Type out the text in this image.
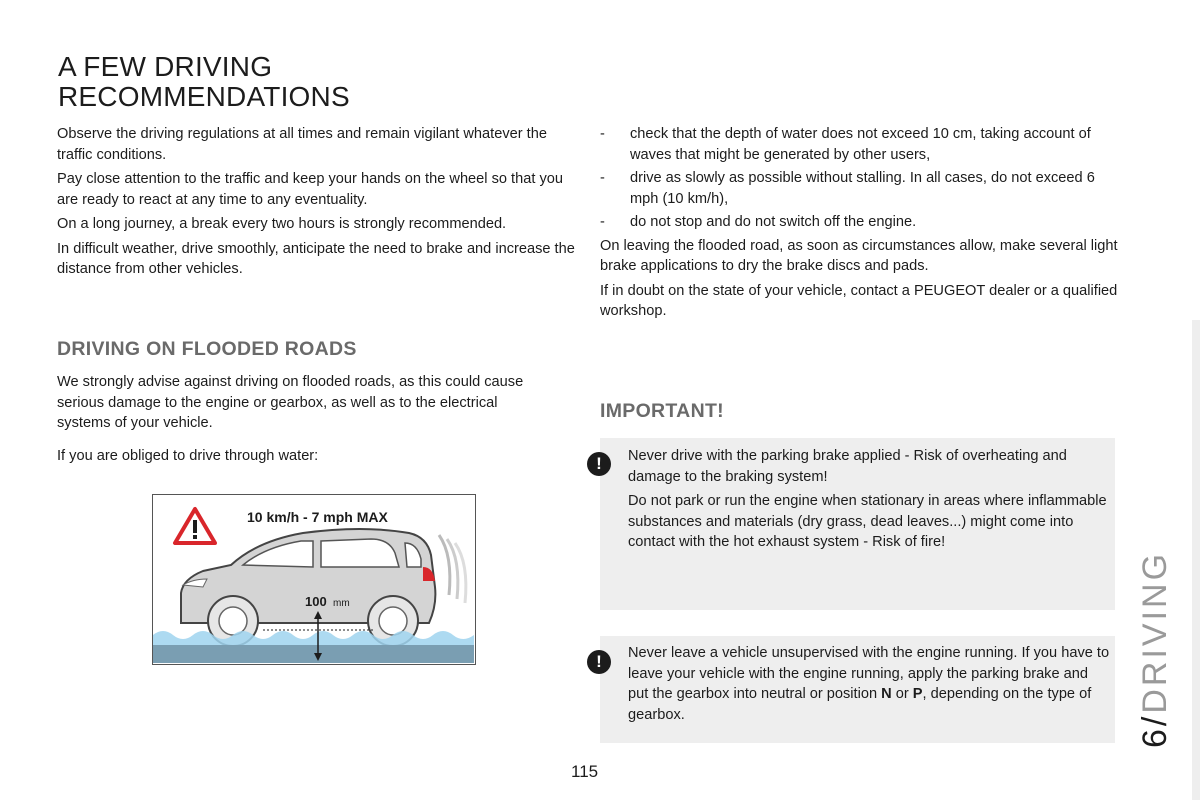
A FEW DRIVING
RECOMMENDATIONS

Observe the driving regulations at all times and remain vigilant whatever the traffic conditions.

Pay close attention to the traffic and keep your hands on the wheel so that you are ready to react at any time to any eventuality.

On a long journey, a break every two hours is strongly recommended.

In difficult weather, drive smoothly, anticipate the need to brake and increase the distance from other vehicles.

DRIVING ON FLOODED ROADS

We strongly advise against driving on flooded roads, as this could cause serious damage to the engine or gearbox, as well as to the electrical systems of your vehicle.

If you are obliged to drive through water:

10 km/h - 7 mph MAX
100 mm
-	check that the depth of water does not exceed 10 cm, taking account of waves that might be generated by other users,
-	drive as slowly as possible without stalling. In all cases, do not exceed 6 mph (10 km/h),
-	do not stop and do not switch off the engine.

On leaving the flooded road, as soon as circumstances allow, make several light brake applications to dry the brake discs and pads.

If in doubt on the state of your vehicle, contact a PEUGEOT dealer or a qualified workshop.

IMPORTANT!
!	Never drive with the parking brake applied - Risk of overheating and damage to the braking system!

Do not park or run the engine when stationary in areas where inflammable substances and materials (dry grass, dead leaves...) might come into contact with the hot exhaust system - Risk of fire!

!	Never leave a vehicle unsupervised with the engine running. If you have to leave your vehicle with the engine running, apply the parking brake and put the gearbox into neutral or position N or P, depending on the type of gearbox.	6/DRIVING
115
